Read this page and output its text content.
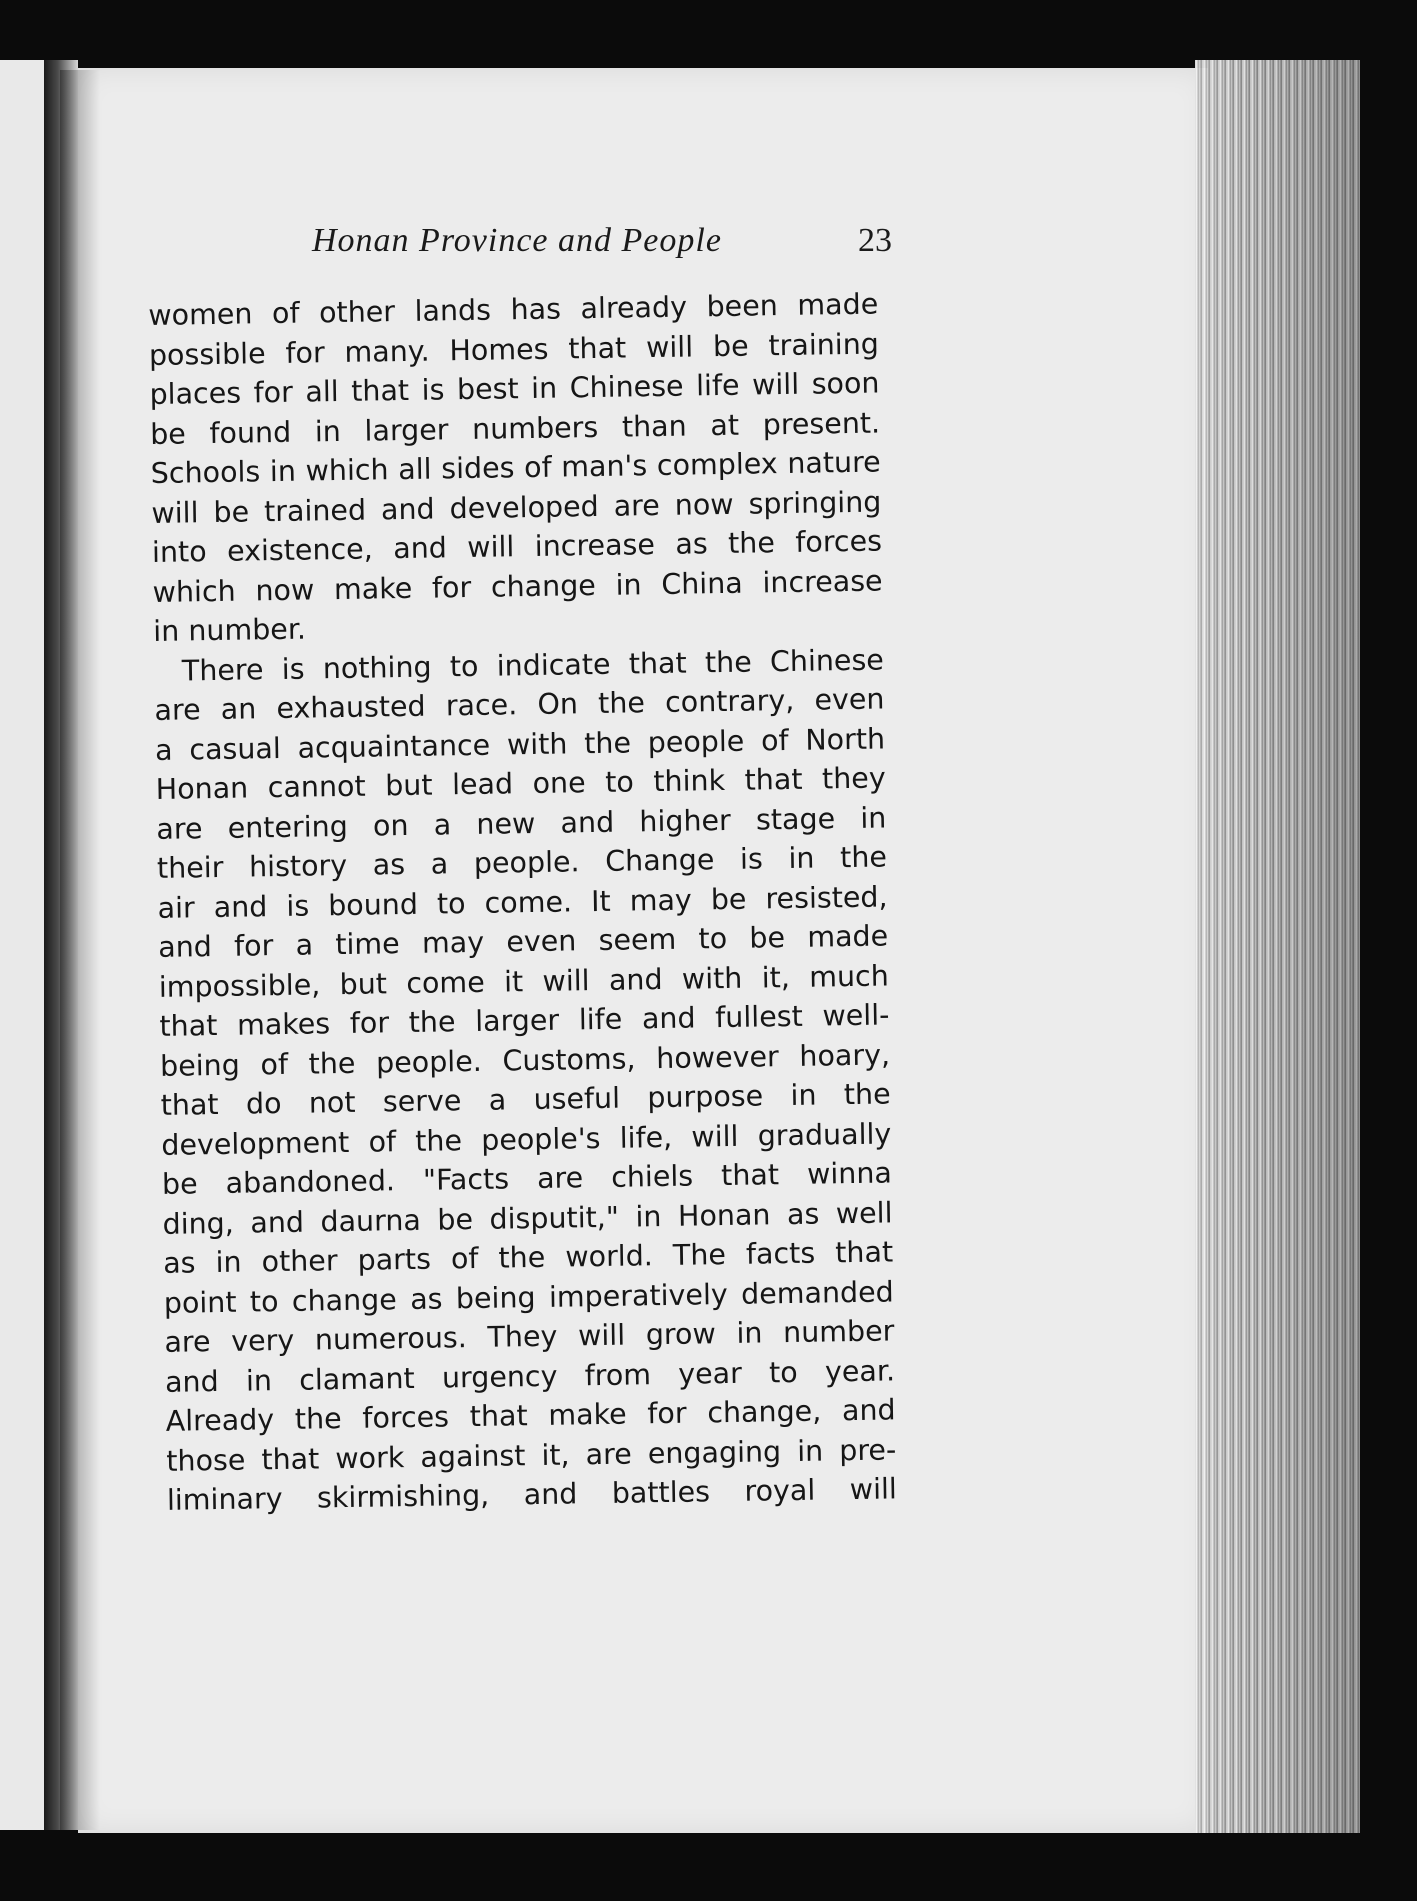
Honan Province and People	23
women of other lands has already been made
possible for many. Homes that will be training
places for all that is best in Chinese life will soon
be found in larger numbers than at present.
Schools in which all sides of man's complex nature
will be trained and developed are now springing
into existence, and will increase as the forces
which now make for change in China increase
in number.
There is nothing to indicate that the Chinese
are an exhausted race. On the contrary, even
a casual acquaintance with the people of North
Honan cannot but lead one to think that they
are entering on a new and higher stage in
their history as a people. Change is in the
air and is bound to come. It may be resisted,
and for a time may even seem to be made
impossible, but come it will and with it, much
that makes for the larger life and fullest well-
being of the people. Customs, however hoary,
that do not serve a useful purpose in the
development of the people's life, will gradually
be abandoned. "Facts are chiels that winna
ding, and daurna be disputit," in Honan as well
as in other parts of the world. The facts that
point to change as being imperatively demanded
are very numerous. They will grow in number
and in clamant urgency from year to year.
Already the forces that make for change, and
those that work against it, are engaging in pre-
liminary skirmishing, and battles royal will
